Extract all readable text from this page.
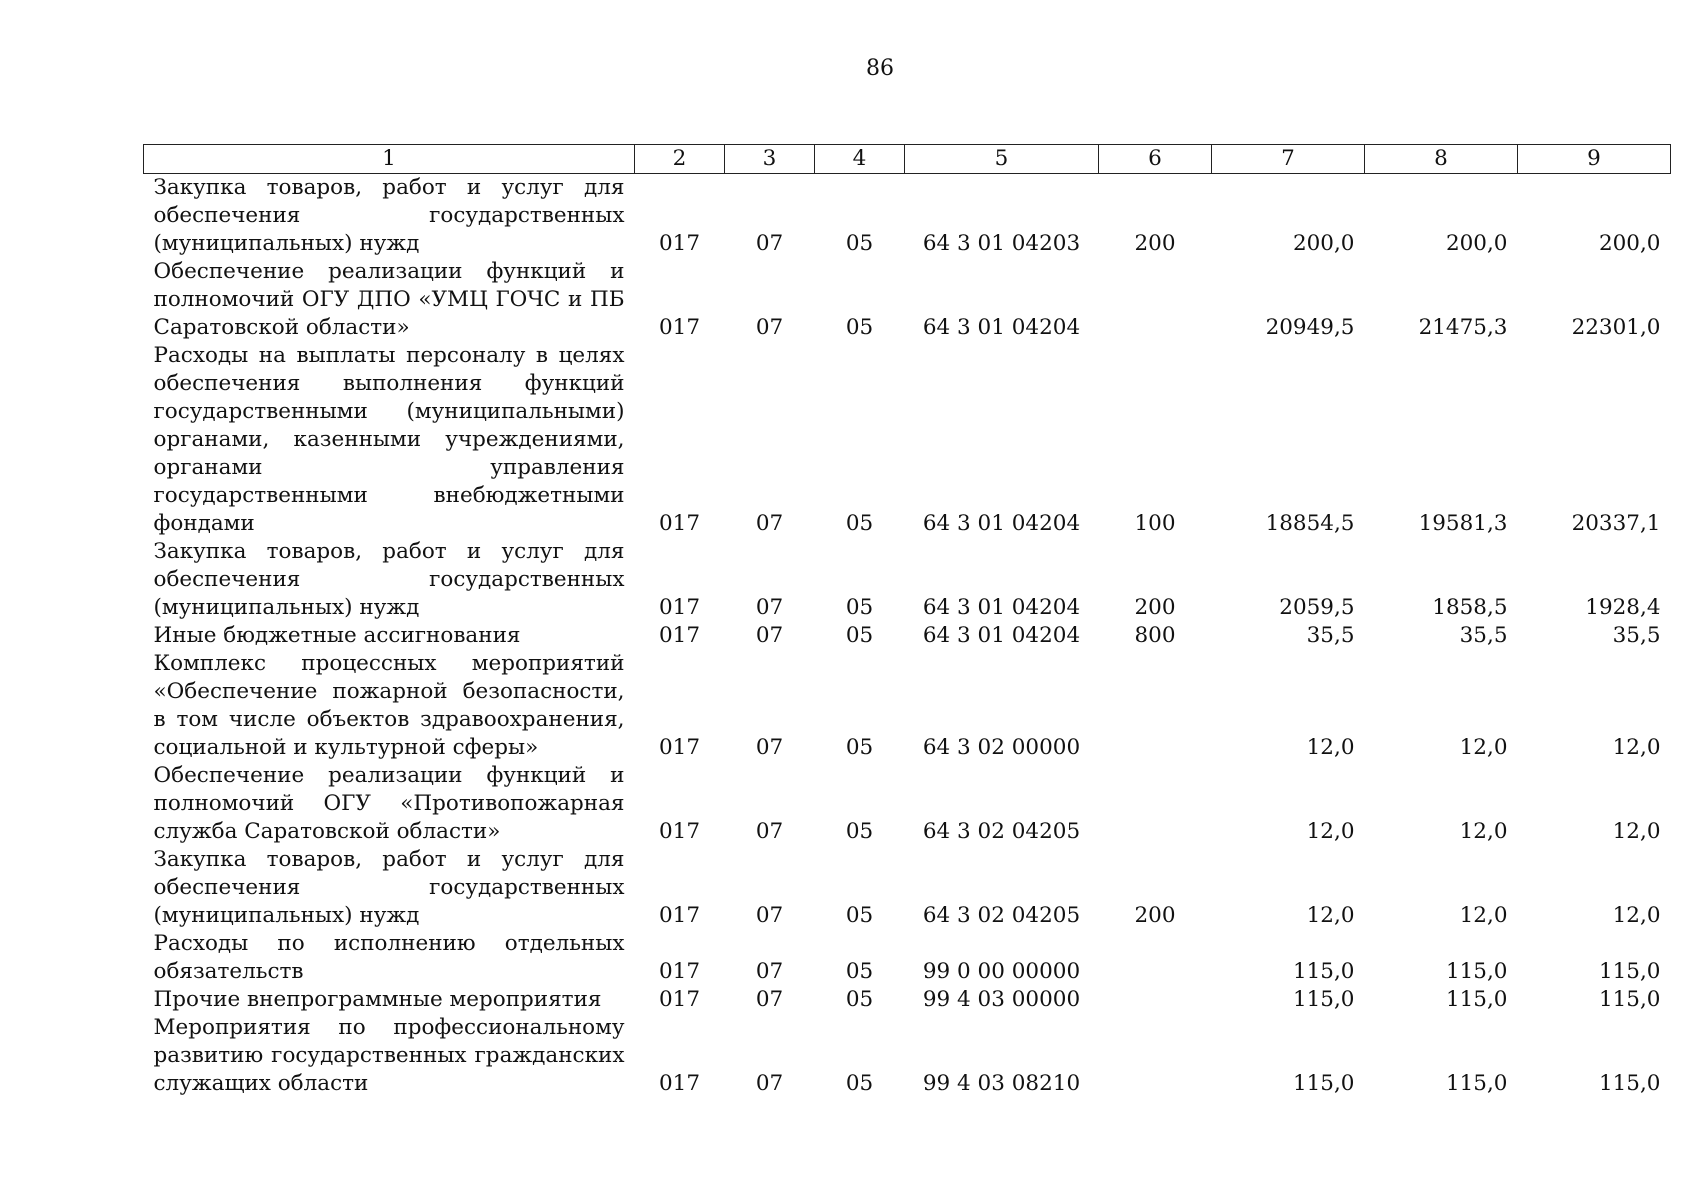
86
1	2	3	4	5	6	7	8	9
Закупка товаров, работ и услуг для обеспечения государственных (муниципальных) нужд	017	07	05	64 3 01 04203	200	200,0	200,0	200,0
Обеспечение реализации функций и полномочий ОГУ ДПО «УМЦ ГОЧС и ПБ Саратовской области»	017	07	05	64 3 01 04204		20949,5	21475,3	22301,0
Расходы на выплаты персоналу в целях обеспечения выполнения функций государственными (муниципальными) органами, казенными учреждениями, органами управления государственными внебюджетными фондами	017	07	05	64 3 01 04204	100	18854,5	19581,3	20337,1
Закупка товаров, работ и услуг для обеспечения государственных (муниципальных) нужд	017	07	05	64 3 01 04204	200	2059,5	1858,5	1928,4
Иные бюджетные ассигнования	017	07	05	64 3 01 04204	800	35,5	35,5	35,5
Комплекс процессных мероприятий «Обеспечение пожарной безопасности, в том числе объектов здравоохранения, социальной и культурной сферы»	017	07	05	64 3 02 00000		12,0	12,0	12,0
Обеспечение реализации функций и полномочий ОГУ «Противопожарная служба Саратовской области»	017	07	05	64 3 02 04205		12,0	12,0	12,0
Закупка товаров, работ и услуг для обеспечения государственных (муниципальных) нужд	017	07	05	64 3 02 04205	200	12,0	12,0	12,0
Расходы по исполнению отдельных обязательств	017	07	05	99 0 00 00000		115,0	115,0	115,0
Прочие внепрограммные мероприятия	017	07	05	99 4 03 00000		115,0	115,0	115,0
Мероприятия по профессиональному развитию государственных гражданских служащих области	017	07	05	99 4 03 08210		115,0	115,0	115,0
